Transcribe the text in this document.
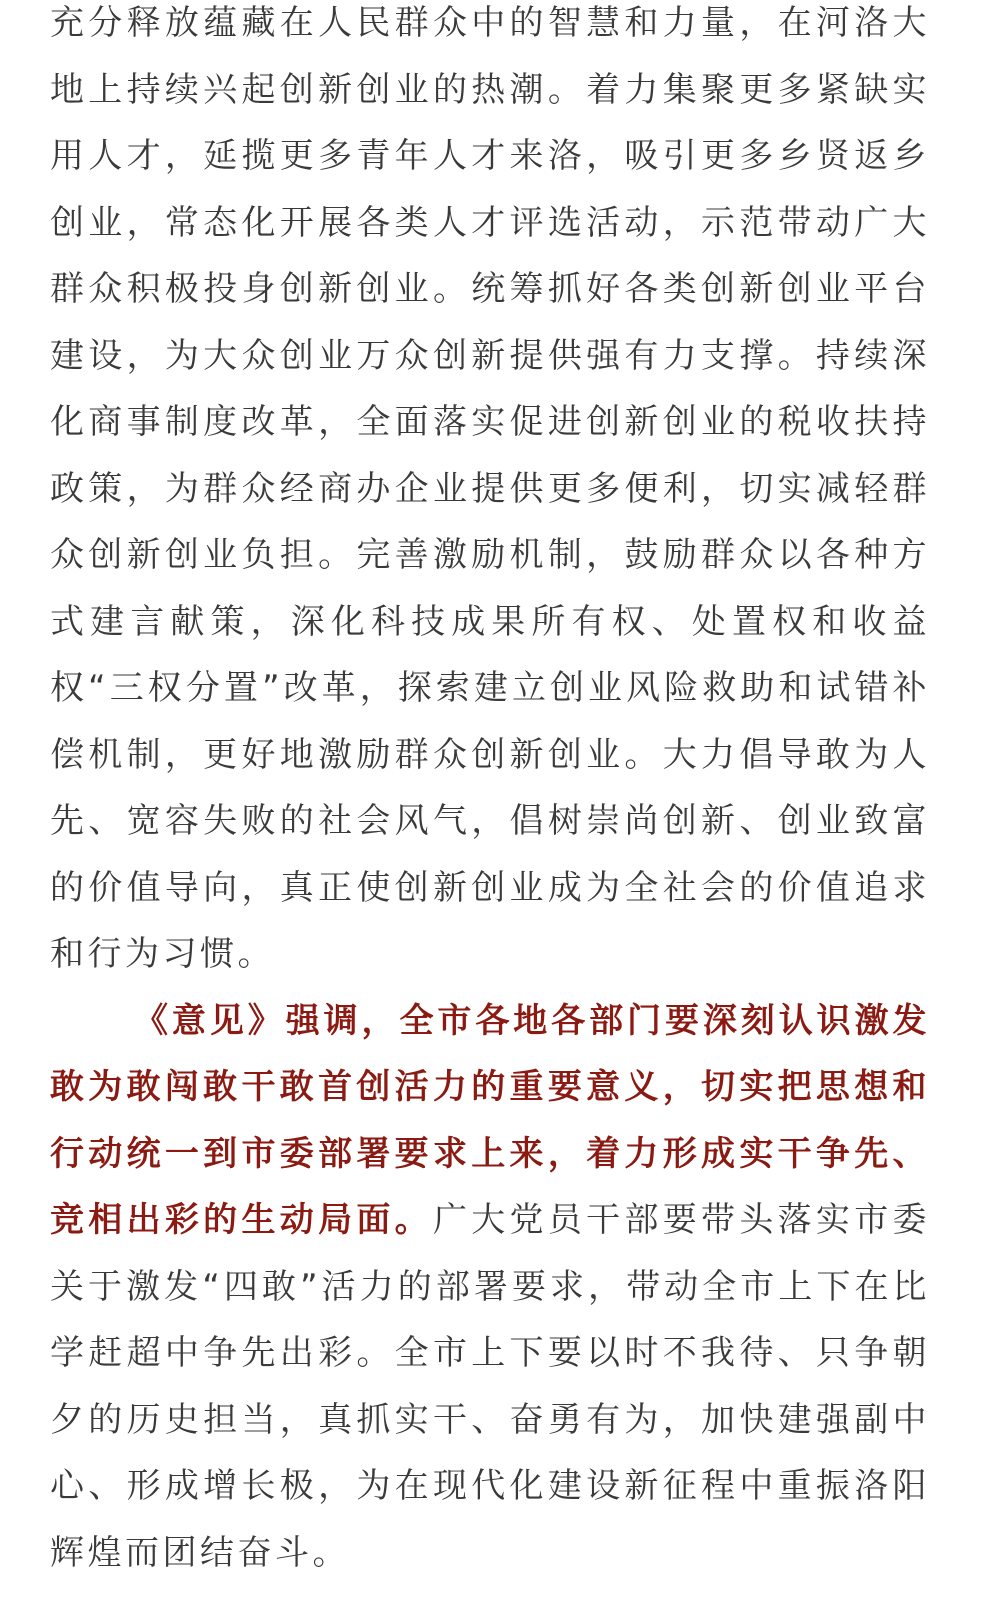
充分释放蕴藏在人民群众中的智慧和力量，在河洛大地上持续兴起创新创业的热潮。着力集聚更多紧缺实用人才，延揽更多青年人才来洛，吸引更多乡贤返乡创业，常态化开展各类人才评选活动，示范带动广大群众积极投身创新创业。统筹抓好各类创新创业平台建设，为大众创业万众创新提供强有力支撑。持续深化商事制度改革，全面落实促进创新创业的税收扶持政策，为群众经商办企业提供更多便利，切实减轻群众创新创业负担。完善激励机制，鼓励群众以各种方式建言献策，深化科技成果所有权、处置权和收益权“三权分置”改革，探索建立创业风险救助和试错补偿机制，更好地激励群众创新创业。大力倡导敢为人先、宽容失败的社会风气，倡树崇尚创新、创业致富的价值导向，真正使创新创业成为全社会的价值追求和行为习惯。

《意见》强调，全市各地各部门要深刻认识激发敢为敢闯敢干敢首创活力的重要意义，切实把思想和行动统一到市委部署要求上来，着力形成实干争先、竞相出彩的生动局面。广大党员干部要带头落实市委关于激发“四敢”活力的部署要求，带动全市上下在比学赶超中争先出彩。全市上下要以时不我待、只争朝夕的历史担当，真抓实干、奋勇有为，加快建强副中心、形成增长极，为在现代化建设新征程中重振洛阳辉煌而团结奋斗。
